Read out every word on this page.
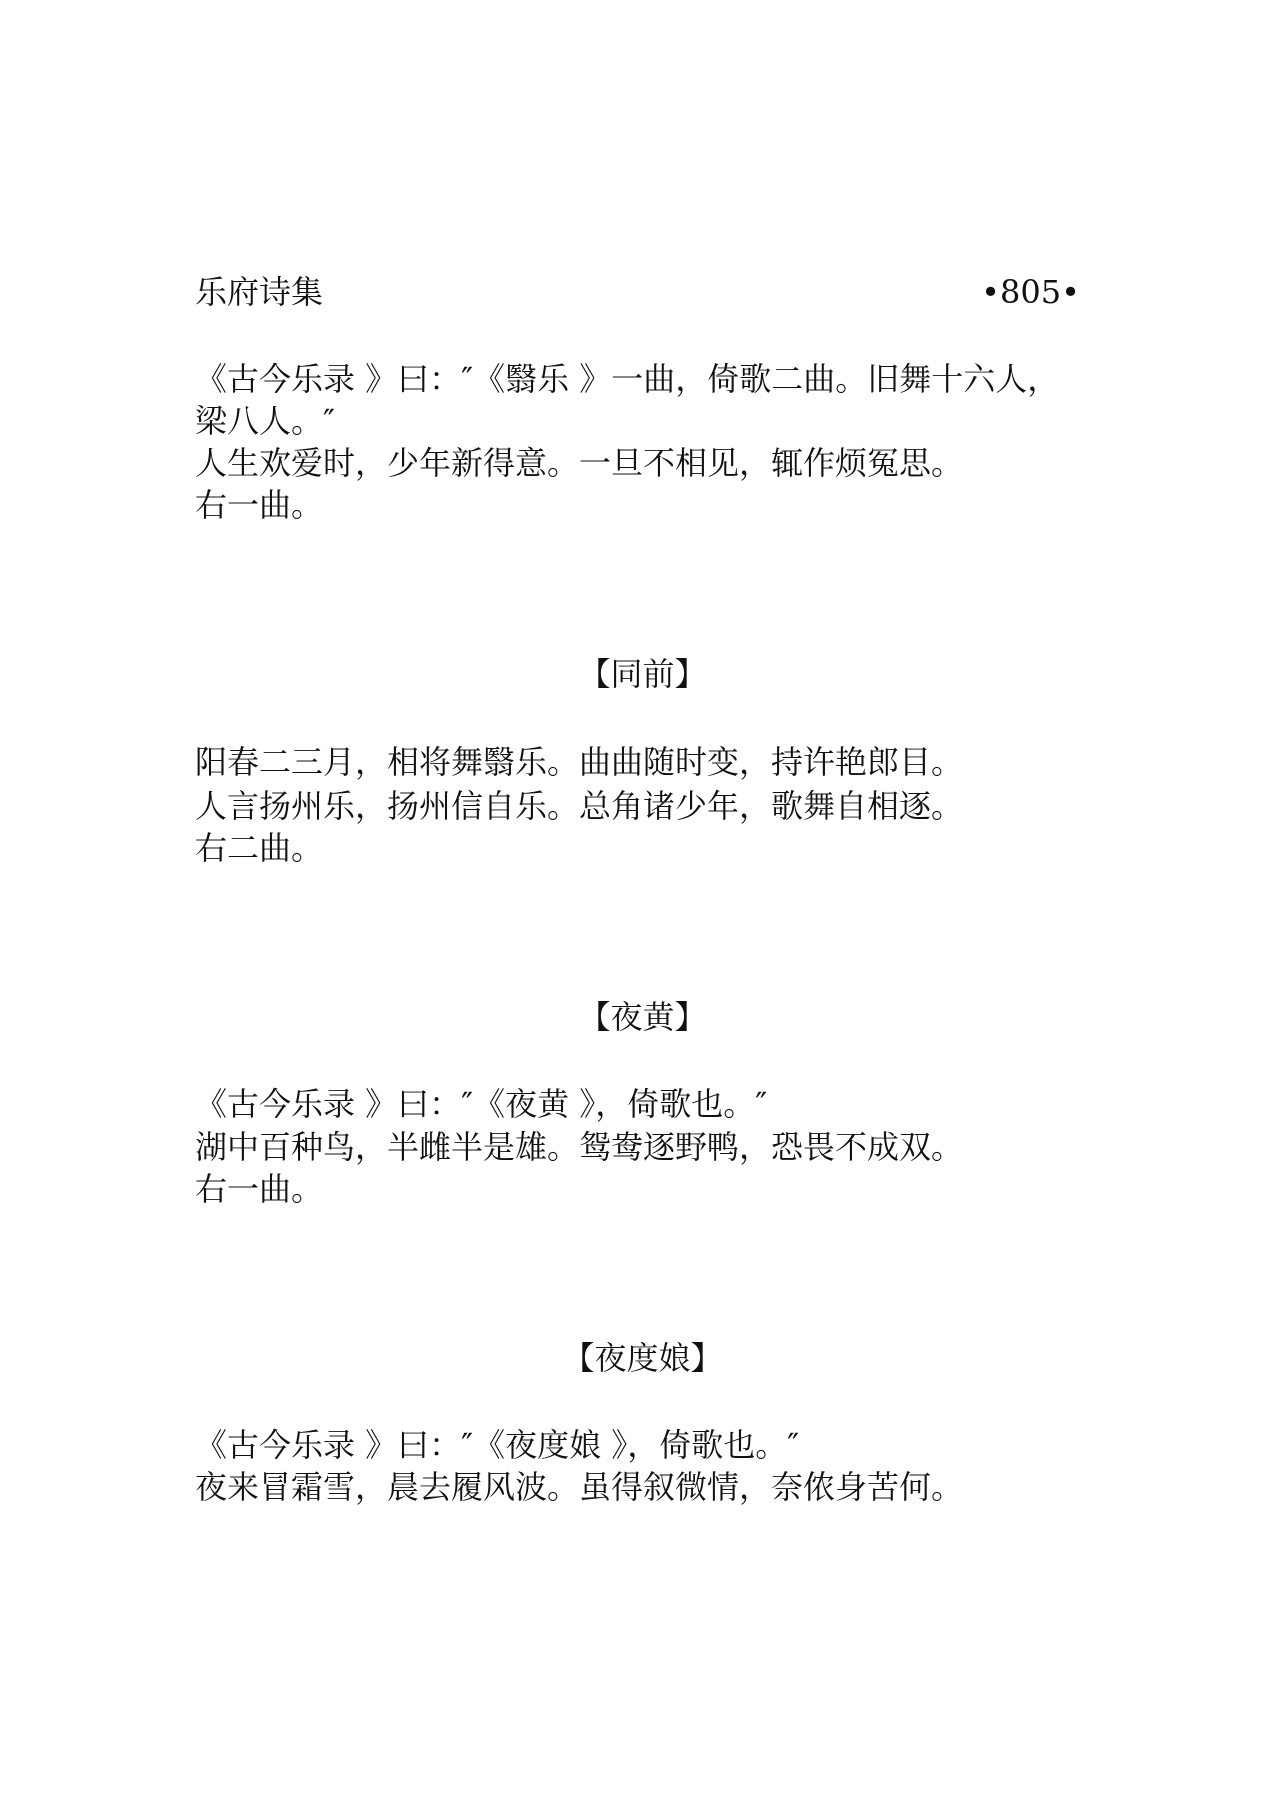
乐府诗集	•805•
《古今乐录 》曰：″《翳乐 》一曲，倚歌二曲。旧舞十六人，
梁八人。″
人生欢爱时，少年新得意。一旦不相见，辄作烦冤思。
右一曲。
【同前】
阳春二三月，相将舞翳乐。曲曲随时变，持许艳郎目。
人言扬州乐，扬州信自乐。总角诸少年，歌舞自相逐。
右二曲。
【夜黄】
《古今乐录 》曰：″《夜黄 》，倚歌也。″
湖中百种鸟，半雌半是雄。鸳鸯逐野鸭，恐畏不成双。
右一曲。
【夜度娘】
《古今乐录 》曰：″《夜度娘 》，倚歌也。″
夜来冒霜雪，晨去履风波。虽得叙微情，奈侬身苦何。
